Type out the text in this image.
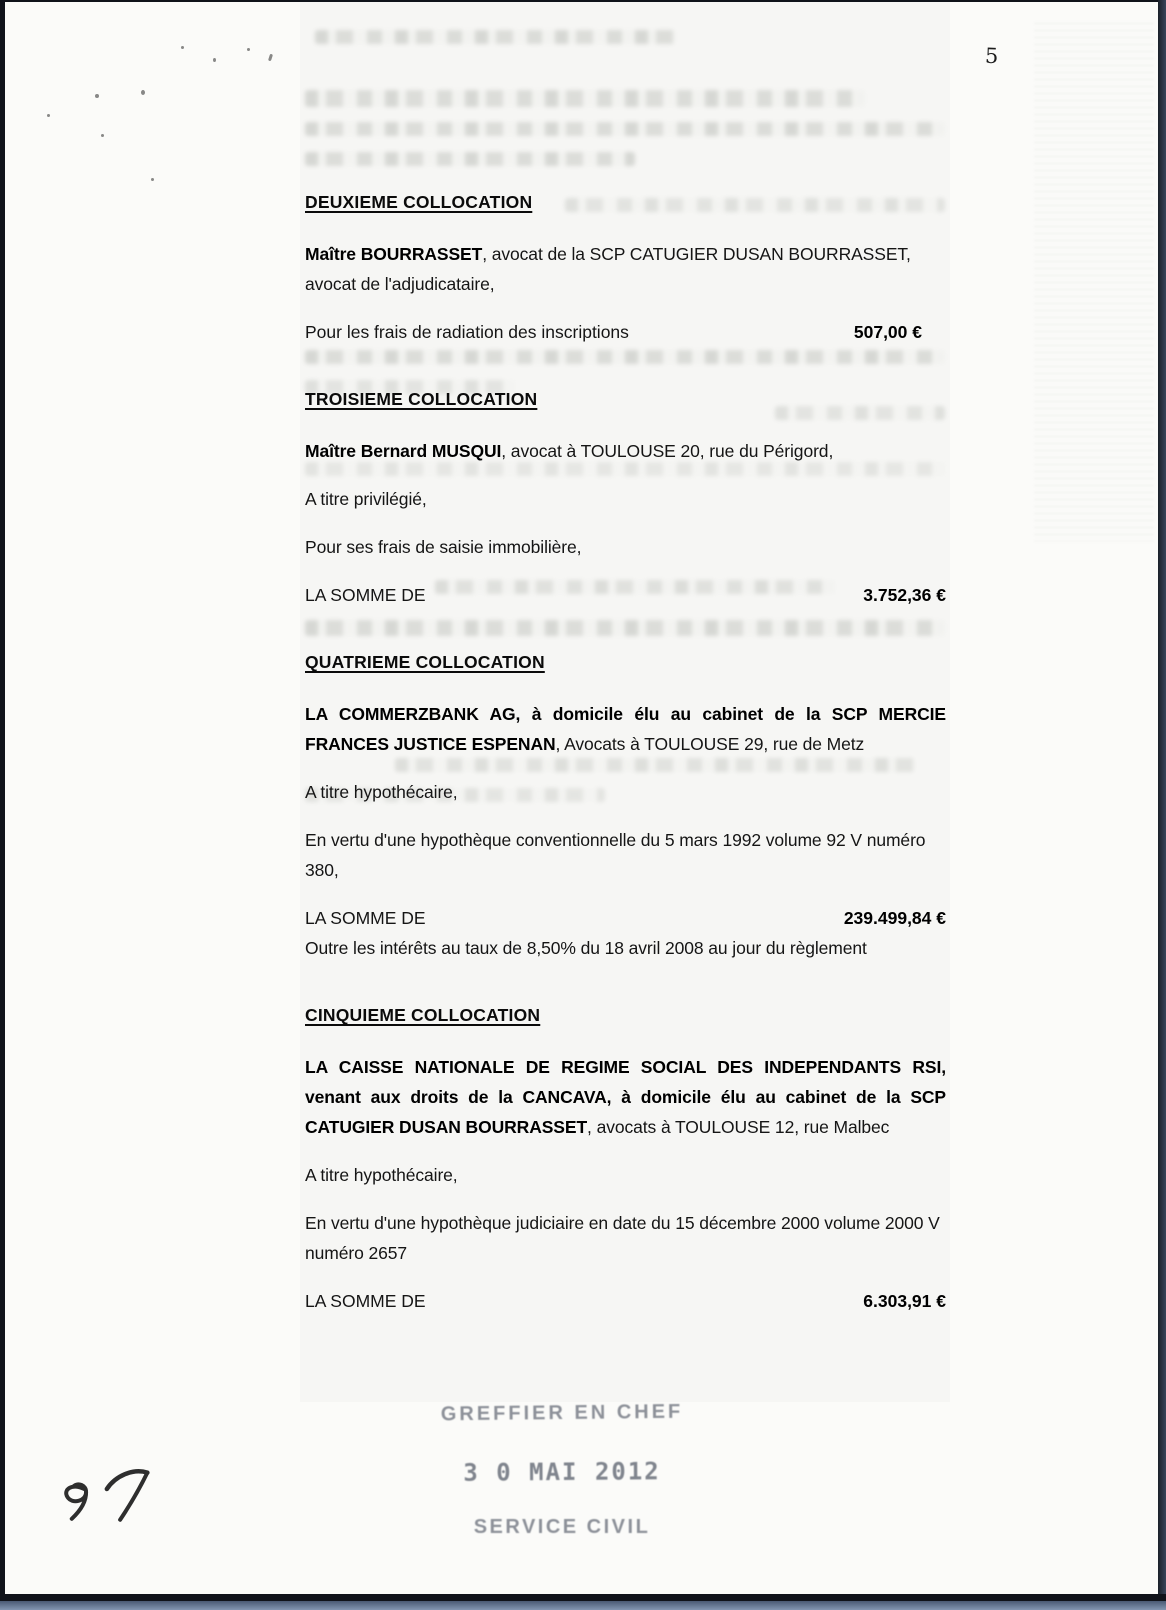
5
DEUXIEME COLLOCATION

Maître BOURRASSET, avocat de la SCP CATUGIER DUSAN BOURRASSET, avocat de l'adjudicataire,

Pour les frais de radiation des inscriptions	507,00 €
TROISIEME COLLOCATION

Maître Bernard MUSQUI, avocat à TOULOUSE 20, rue du Périgord,

A titre privilégié,

Pour ses frais de saisie immobilière,

LA SOMME DE	3.752,36 €
QUATRIEME COLLOCATION

LA COMMERZBANK AG, à domicile élu au cabinet de la SCP MERCIE FRANCES JUSTICE ESPENAN, Avocats à TOULOUSE 29, rue de Metz

A titre hypothécaire,

En vertu d'une hypothèque conventionnelle du 5 mars 1992 volume 92 V numéro 380,

LA SOMME DE	239.499,84 €

Outre les intérêts au taux de 8,50% du 18 avril 2008 au jour du règlement

CINQUIEME COLLOCATION

LA CAISSE NATIONALE DE REGIME SOCIAL DES INDEPENDANTS RSI, venant aux droits de la CANCAVA, à domicile élu au cabinet de la SCP CATUGIER DUSAN BOURRASSET, avocats à TOULOUSE 12, rue Malbec

A titre hypothécaire,

En vertu d'une hypothèque judiciaire en date du 15 décembre 2000 volume 2000 V numéro 2657

LA SOMME DE	6.303,91 €
GREFFIER EN CHEF
3 0 MAI 2012
SERVICE CIVIL
